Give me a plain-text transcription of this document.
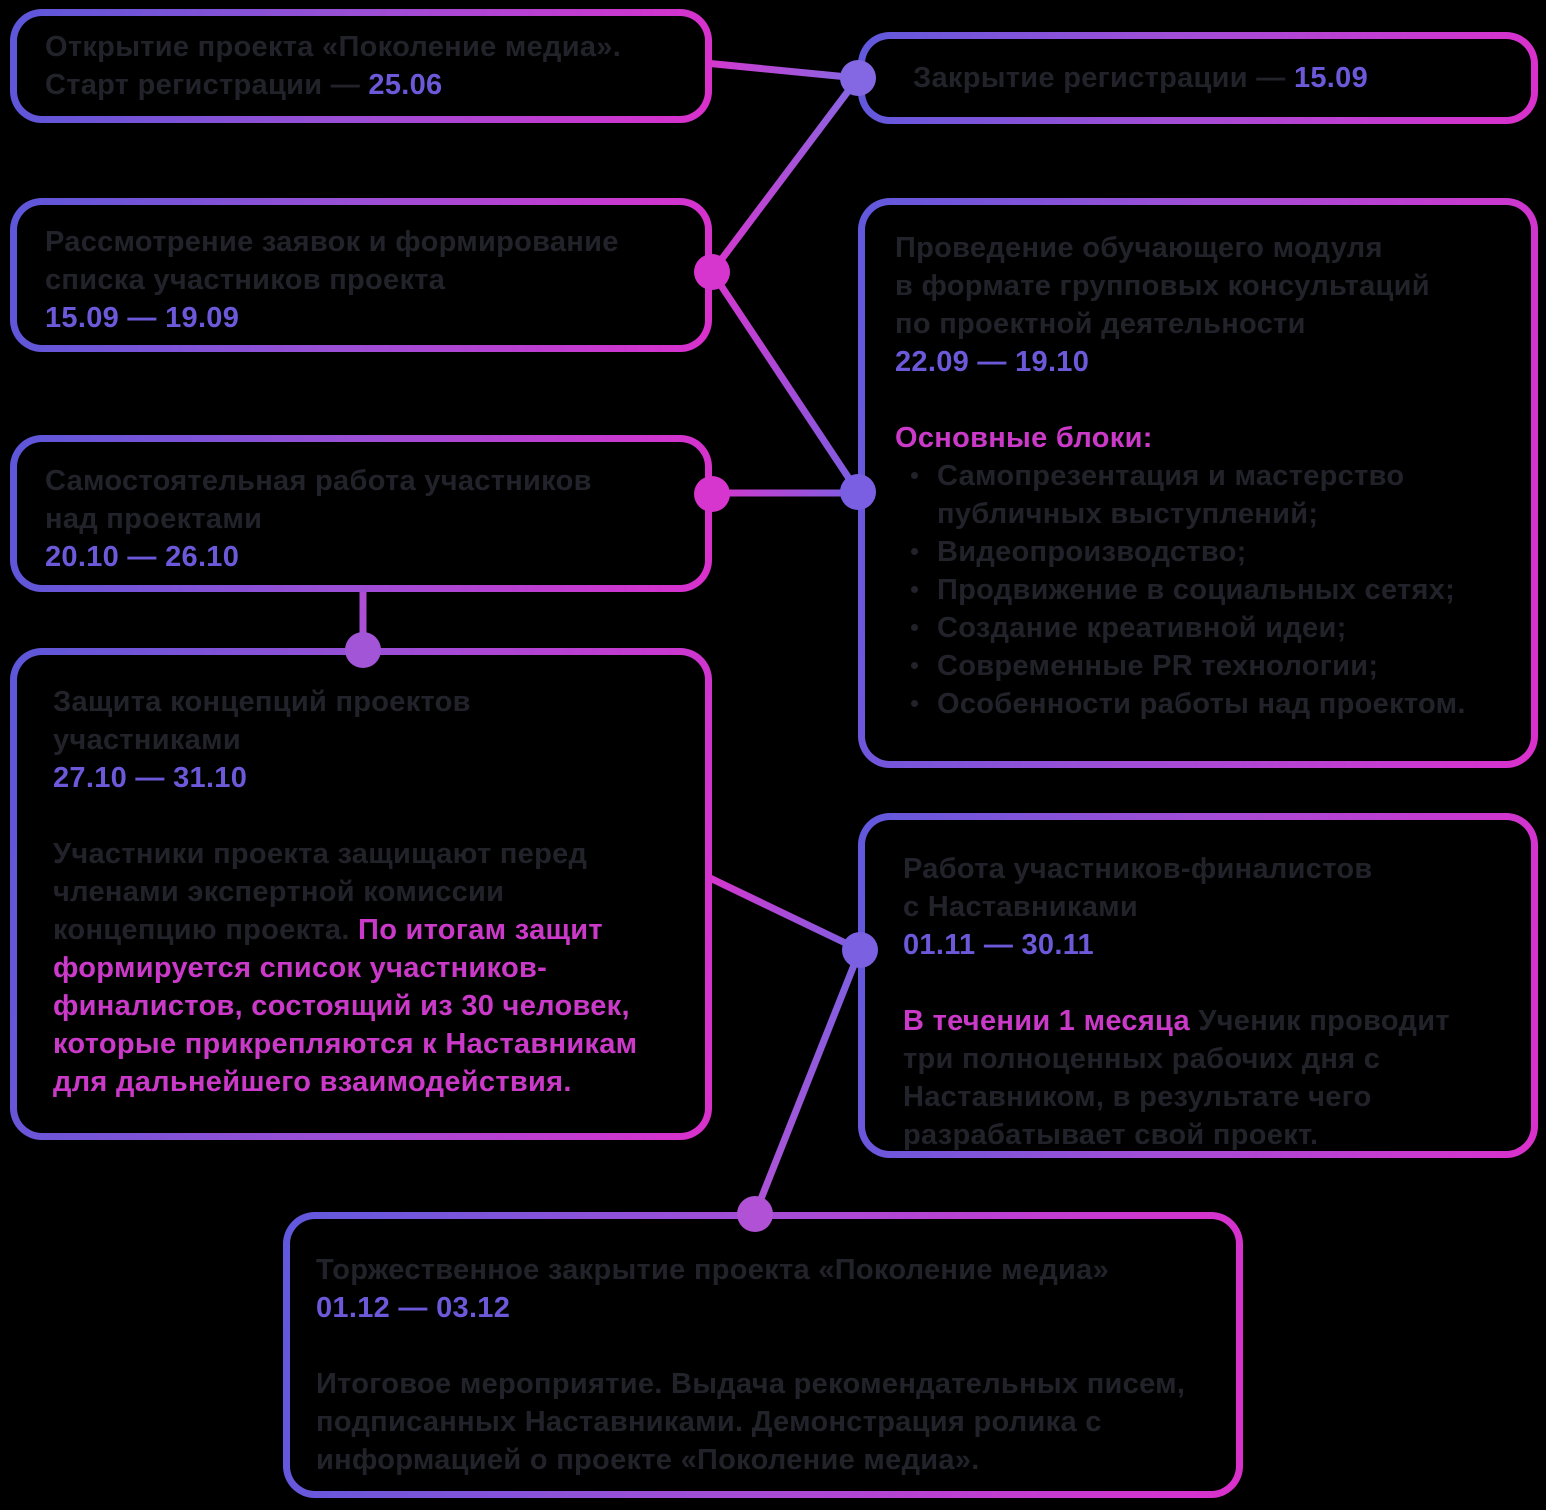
Открытие проекта «Поколение медиа».
Старт регистрации — 25.06	Закрытие регистрации — 15.09
Рассмотрение заявок и формирование
списка участников проекта
15.09 — 19.09
Проведение обучающего модуля
в формате групповых консультаций
по проектной деятельности
22.09 — 19.10
Основные блоки:
Самопрезентация и мастерство публичных выступлений;
Видеопроизводство;
Продвижение в социальных сетях;
Создание креативной идеи;
Современные PR технологии;
Особенности работы над проектом.
Самостоятельная работа участников
над проектами
20.10 — 26.10
Защита концепций проектов
участниками
27.10 — 31.10
Участники проекта защищают перед членами экспертной комиссии концепцию проекта. По итогам защит формируется список участников-финалистов, состоящий из 30 человек, которые прикрепляются к Наставникам для дальнейшего взаимодействия.
Работа участников-финалистов
с Наставниками
01.11 — 30.11
В течении 1 месяца Ученик проводит три полноценных рабочих дня с Наставником, в результате чего разрабатывает свой проект.
Торжественное закрытие проекта «Поколение медиа»
01.12 — 03.12
Итоговое мероприятие. Выдача рекомендательных писем, подписанных Наставниками. Демонстрация ролика с информацией о проекте «Поколение медиа».
